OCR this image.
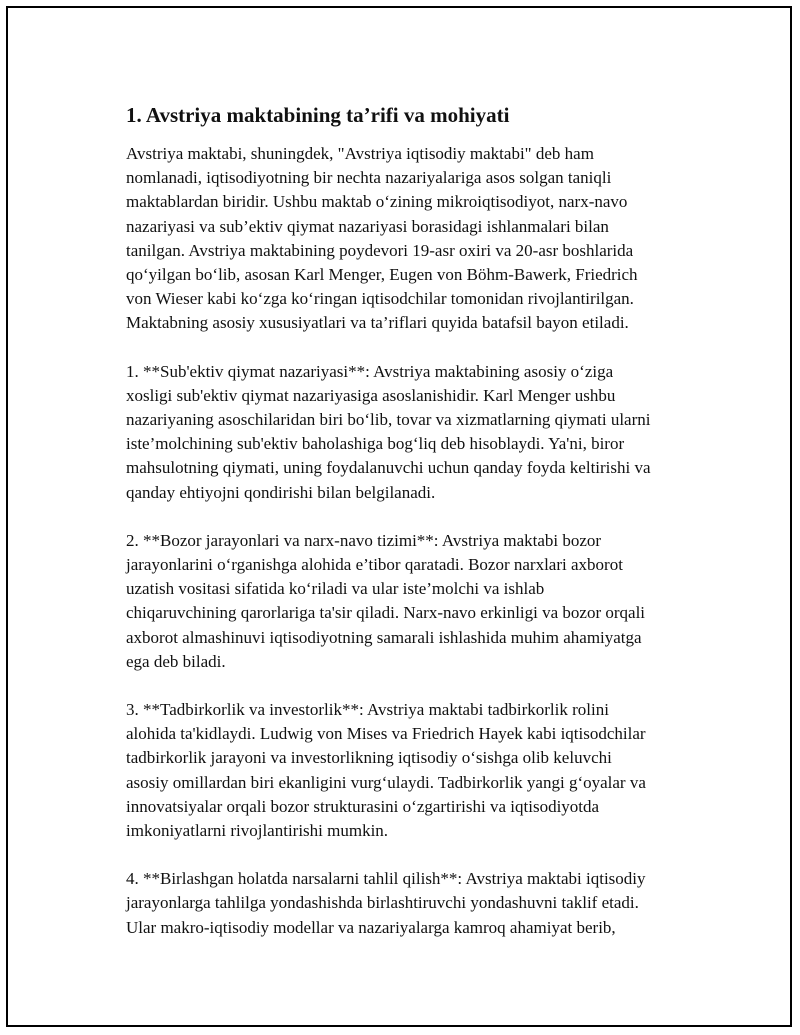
1. Avstriya maktabining ta’rifi va mohiyati

Avstriya maktabi, shuningdek, "Avstriya iqtisodiy maktabi" deb ham
nomlanadi, iqtisodiyotning bir nechta nazariyalariga asos solgan taniqli
maktablardan biridir. Ushbu maktab o‘zining mikroiqtisodiyot, narx-navo
nazariyasi va sub’ektiv qiymat nazariyasi borasidagi ishlanmalari bilan
tanilgan. Avstriya maktabining poydevori 19-asr oxiri va 20-asr boshlarida
qo‘yilgan bo‘lib, asosan Karl Menger, Eugen von Böhm-Bawerk, Friedrich
von Wieser kabi ko‘zga ko‘ringan iqtisodchilar tomonidan rivojlantirilgan.
Maktabning asosiy xususiyatlari va ta’riflari quyida batafsil bayon etiladi.

1. **Sub'ektiv qiymat nazariyasi**: Avstriya maktabining asosiy o‘ziga
xosligi sub'ektiv qiymat nazariyasiga asoslanishidir. Karl Menger ushbu
nazariyaning asoschilaridan biri bo‘lib, tovar va xizmatlarning qiymati ularni
iste’molchining sub'ektiv baholashiga bog‘liq deb hisoblaydi. Ya'ni, biror
mahsulotning qiymati, uning foydalanuvchi uchun qanday foyda keltirishi va
qanday ehtiyojni qondirishi bilan belgilanadi.

2. **Bozor jarayonlari va narx-navo tizimi**: Avstriya maktabi bozor
jarayonlarini o‘rganishga alohida e’tibor qaratadi. Bozor narxlari axborot
uzatish vositasi sifatida ko‘riladi va ular iste’molchi va ishlab
chiqaruvchining qarorlariga ta'sir qiladi. Narx-navo erkinligi va bozor orqali
axborot almashinuvi iqtisodiyotning samarali ishlashida muhim ahamiyatga
ega deb biladi.

3. **Tadbirkorlik va investorlik**: Avstriya maktabi tadbirkorlik rolini
alohida ta'kidlaydi. Ludwig von Mises va Friedrich Hayek kabi iqtisodchilar
tadbirkorlik jarayoni va investorlikning iqtisodiy o‘sishga olib keluvchi
asosiy omillardan biri ekanligini vurg‘ulaydi. Tadbirkorlik yangi g‘oyalar va
innovatsiyalar orqali bozor strukturasini o‘zgartirishi va iqtisodiyotda
imkoniyatlarni rivojlantirishi mumkin.

4. **Birlashgan holatda narsalarni tahlil qilish**: Avstriya maktabi iqtisodiy
jarayonlarga tahlilga yondashishda birlashtiruvchi yondashuvni taklif etadi.
Ular makro-iqtisodiy modellar va nazariyalarga kamroq ahamiyat berib,
